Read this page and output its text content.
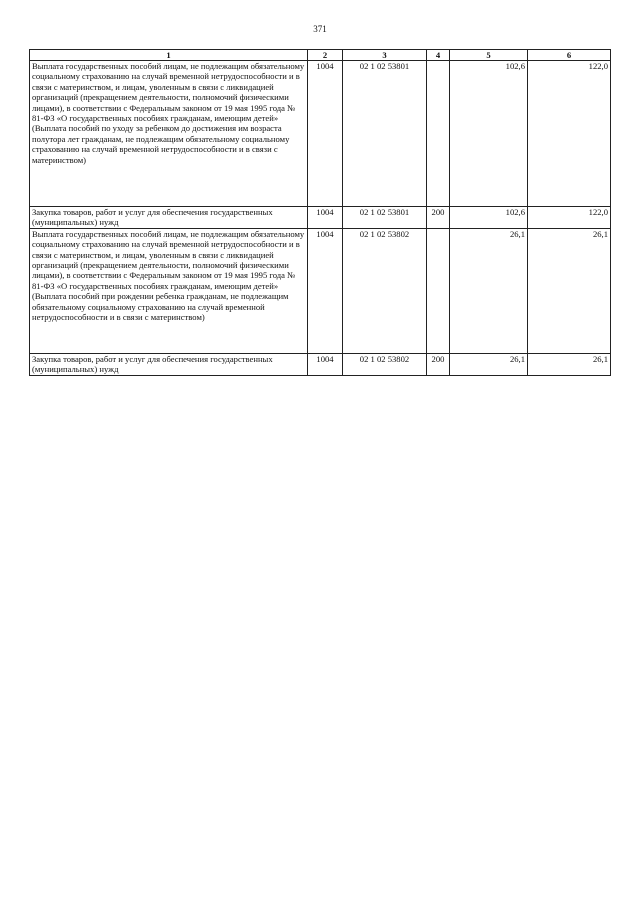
371
1	2	3	4	5	6
Выплата государственных пособий лицам, не подлежащим обязательному социальному страхованию на случай временной нетрудоспособности и в связи с материнством, и лицам, уволенным в связи с ликвидацией организаций (прекращением деятельности, полномочий физическими лицами), в соответствии с Федеральным законом от 19 мая 1995 года № 81-ФЗ «О государственных пособиях гражданам, имеющим детей» (Выплата пособий по уходу за ребенком до достижения им возраста полутора лет гражданам, не подлежащим обязательному социальному страхованию на случай временной нетрудоспособности и в связи с материнством)	1004	02 1 02 53801		102,6	122,0
Закупка товаров, работ и услуг для обеспечения государственных (муниципальных) нужд	1004	02 1 02 53801	200	102,6	122,0
Выплата государственных пособий лицам, не подлежащим обязательному социальному страхованию на случай временной нетрудоспособности и в связи с материнством, и лицам, уволенным в связи с ликвидацией организаций (прекращением деятельности, полномочий физическими лицами), в соответствии с Федеральным законом от 19 мая 1995 года № 81-ФЗ «О государственных пособиях гражданам, имеющим детей» (Выплата пособий при рождении ребенка гражданам, не подлежащим обязательному социальному страхованию на случай временной нетрудоспособности и в связи с материнством)	1004	02 1 02 53802		26,1	26,1
Закупка товаров, работ и услуг для обеспечения государственных (муниципальных) нужд	1004	02 1 02 53802	200	26,1	26,1
